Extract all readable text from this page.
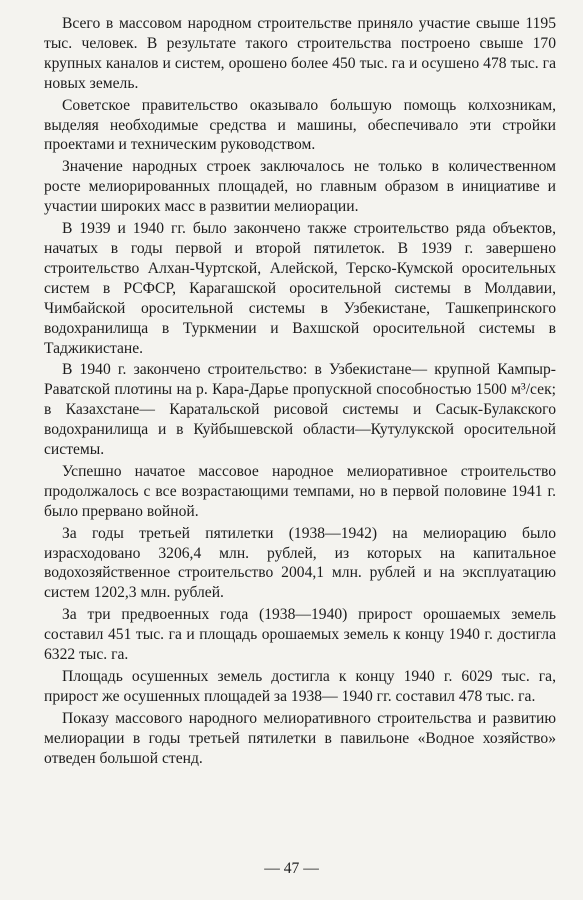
Всего в массовом народном строительстве приняло участие свыше 1195 тыс. человек. В результате такого строительства построено свыше 170 крупных каналов и систем, орошено более 450 тыс. га и осушено 478 тыс. га новых земель.

Советское правительство оказывало большую помощь колхозникам, выделяя необходимые средства и машины, обеспечивало эти стройки проектами и техническим руководством.

Значение народных строек заключалось не только в количественном росте мелиорированных площадей, но главным образом в инициативе и участии широких масс в развитии мелиорации.

В 1939 и 1940 гг. было закончено также строительство ряда объектов, начатых в годы первой и второй пятилеток. В 1939 г. завершено строительство Алхан-Чуртской, Алейской, Терско-Кумской оросительных систем в РСФСР, Карагашской оросительной системы в Молдавии, Чимбайской оросительной системы в Узбекистане, Ташкепринского водохранилища в Туркмении и Вахшской оросительной системы в Таджикистане.

В 1940 г. закончено строительство: в Узбекистане— крупной Кампыр-Раватской плотины на р. Кара-Дарье пропускной способностью 1500 м³/сек; в Казахстане— Каратальской рисовой системы и Сасык-Булакского водохранилища и в Куйбышевской области—Кутулукской оросительной системы.

Успешно начатое массовое народное мелиоративное строительство продолжалось с все возрастающими темпами, но в первой половине 1941 г. было прервано войной.

За годы третьей пятилетки (1938—1942) на мелиорацию было израсходовано 3206,4 млн. рублей, из которых на капитальное водохозяйственное строительство 2004,1 млн. рублей и на эксплуатацию систем 1202,3 млн. рублей.

За три предвоенных года (1938—1940) прирост орошаемых земель составил 451 тыс. га и площадь орошаемых земель к концу 1940 г. достигла 6322 тыс. га.

Площадь осушенных земель достигла к концу 1940 г. 6029 тыс. га, прирост же осушенных площадей за 1938— 1940 гг. составил 478 тыс. га.

Показу массового народного мелиоративного строительства и развитию мелиорации в годы третьей пятилетки в павильоне «Водное хозяйство» отведен большой стенд.

— 47 —
